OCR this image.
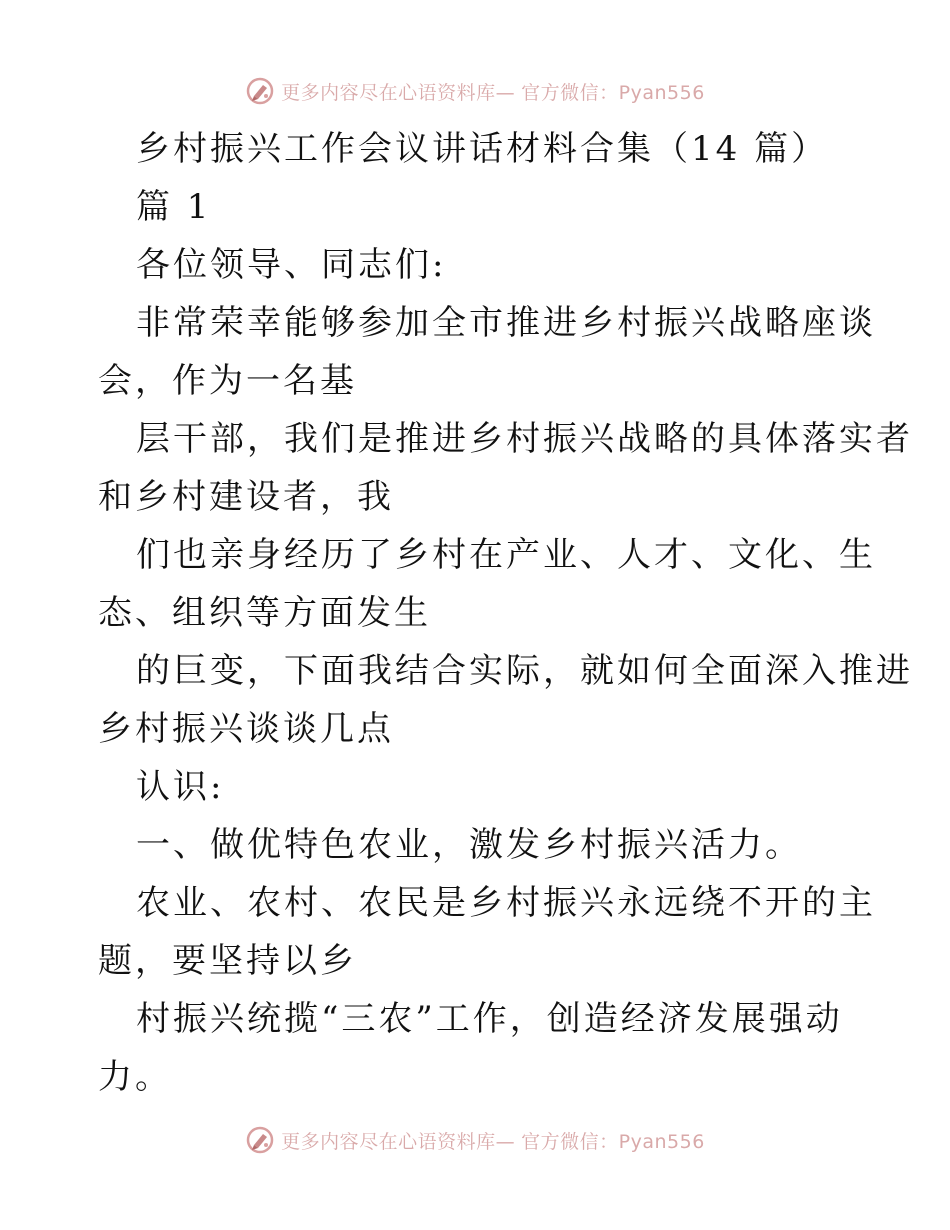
更多内容尽在心语资料库— 官方微信：Pyan556
乡村振兴工作会议讲话材料合集（14 篇）
篇 1
各位领导、同志们:
非常荣幸能够参加全市推进乡村振兴战略座谈
会，作为一名基
层干部，我们是推进乡村振兴战略的具体落实者
和乡村建设者，我
们也亲身经历了乡村在产业、人才、文化、生
态、组织等方面发生
的巨变，下面我结合实际，就如何全面深入推进
乡村振兴谈谈几点
认识:
一、做优特色农业，激发乡村振兴活力。
农业、农村、农民是乡村振兴永远绕不开的主
题，要坚持以乡
村振兴统揽“三农”工作，创造经济发展强动
力。
更多内容尽在心语资料库— 官方微信：Pyan556
